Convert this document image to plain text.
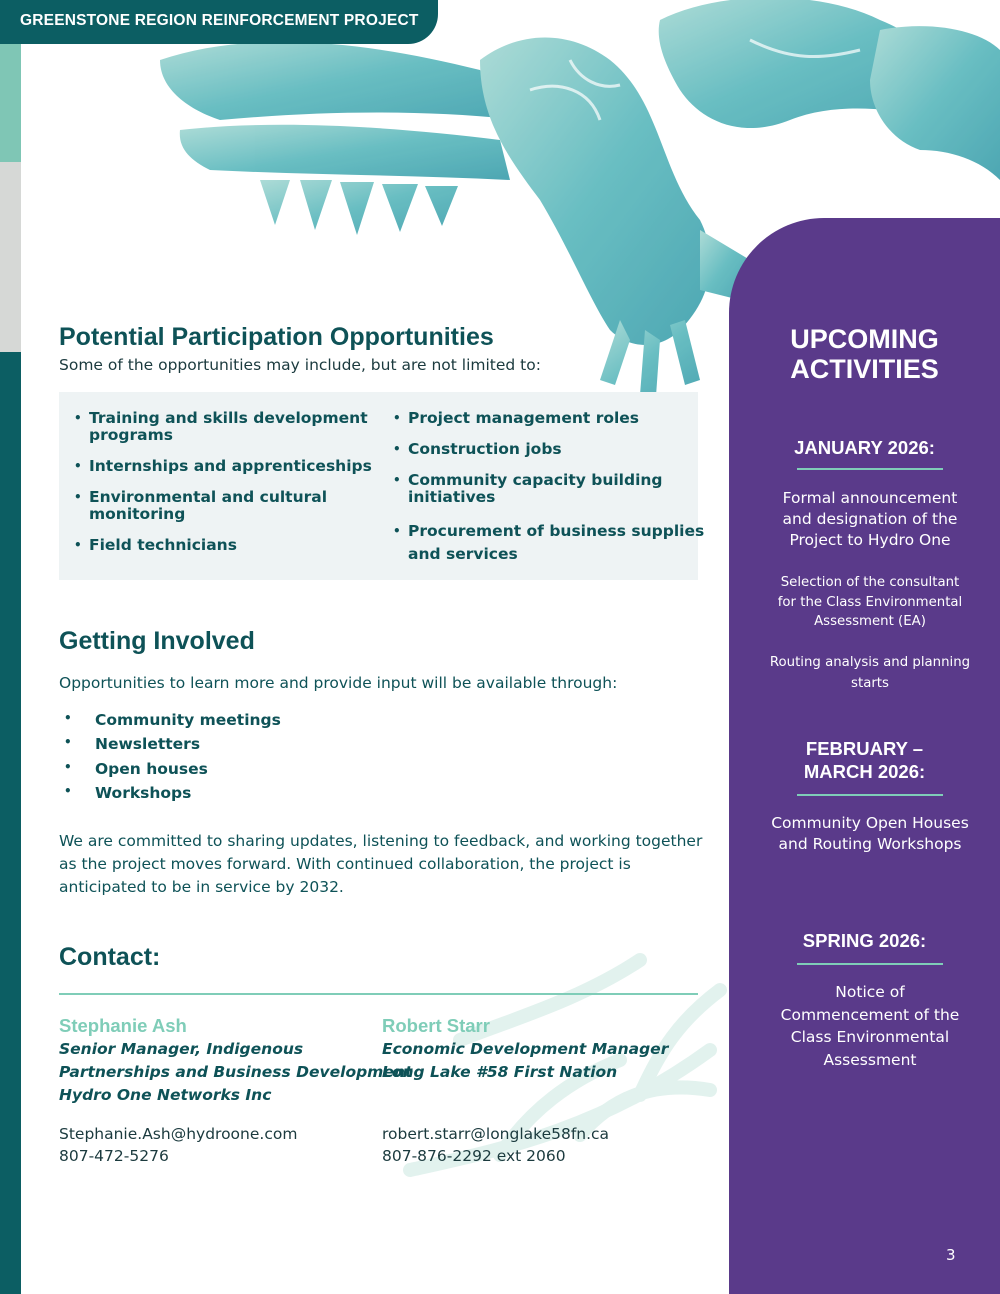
GREENSTONE REGION REINFORCEMENT PROJECT
Potential Participation Opportunities
Some of the opportunities may include, but are not limited to:
• Training and skills development
programs
• Internships and apprenticeships
• Environmental and cultural
monitoring
• Field technicians
• Project management roles
• Construction jobs
• Community capacity building
initiatives
• Procurement of business supplies
and services
Getting Involved
Opportunities to learn more and provide input will be available through:
• Community meetings
• Newsletters
• Open houses
• Workshops
We are committed to sharing updates, listening to feedback, and working together
as the project moves forward. With continued collaboration, the project is
anticipated to be in service by 2032.
Contact:
Stephanie Ash
Senior Manager, Indigenous
Partnerships and Business Development
Hydro One Networks Inc
Stephanie.Ash@hydroone.com
807-472-5276
Robert Starr
Economic Development Manager
Long Lake #58 First Nation

robert.starr@longlake58fn.ca
807-876-2292 ext 2060
UPCOMING
ACTIVITIES
JANUARY 2026:
Formal announcement
and designation of the
Project to Hydro One
Selection of the consultant
for the Class Environmental
Assessment (EA)
Routing analysis and planning
starts
FEBRUARY –
MARCH 2026:
Community Open Houses
and Routing Workshops
SPRING 2026:
Notice of
Commencement of the
Class Environmental
Assessment
3
